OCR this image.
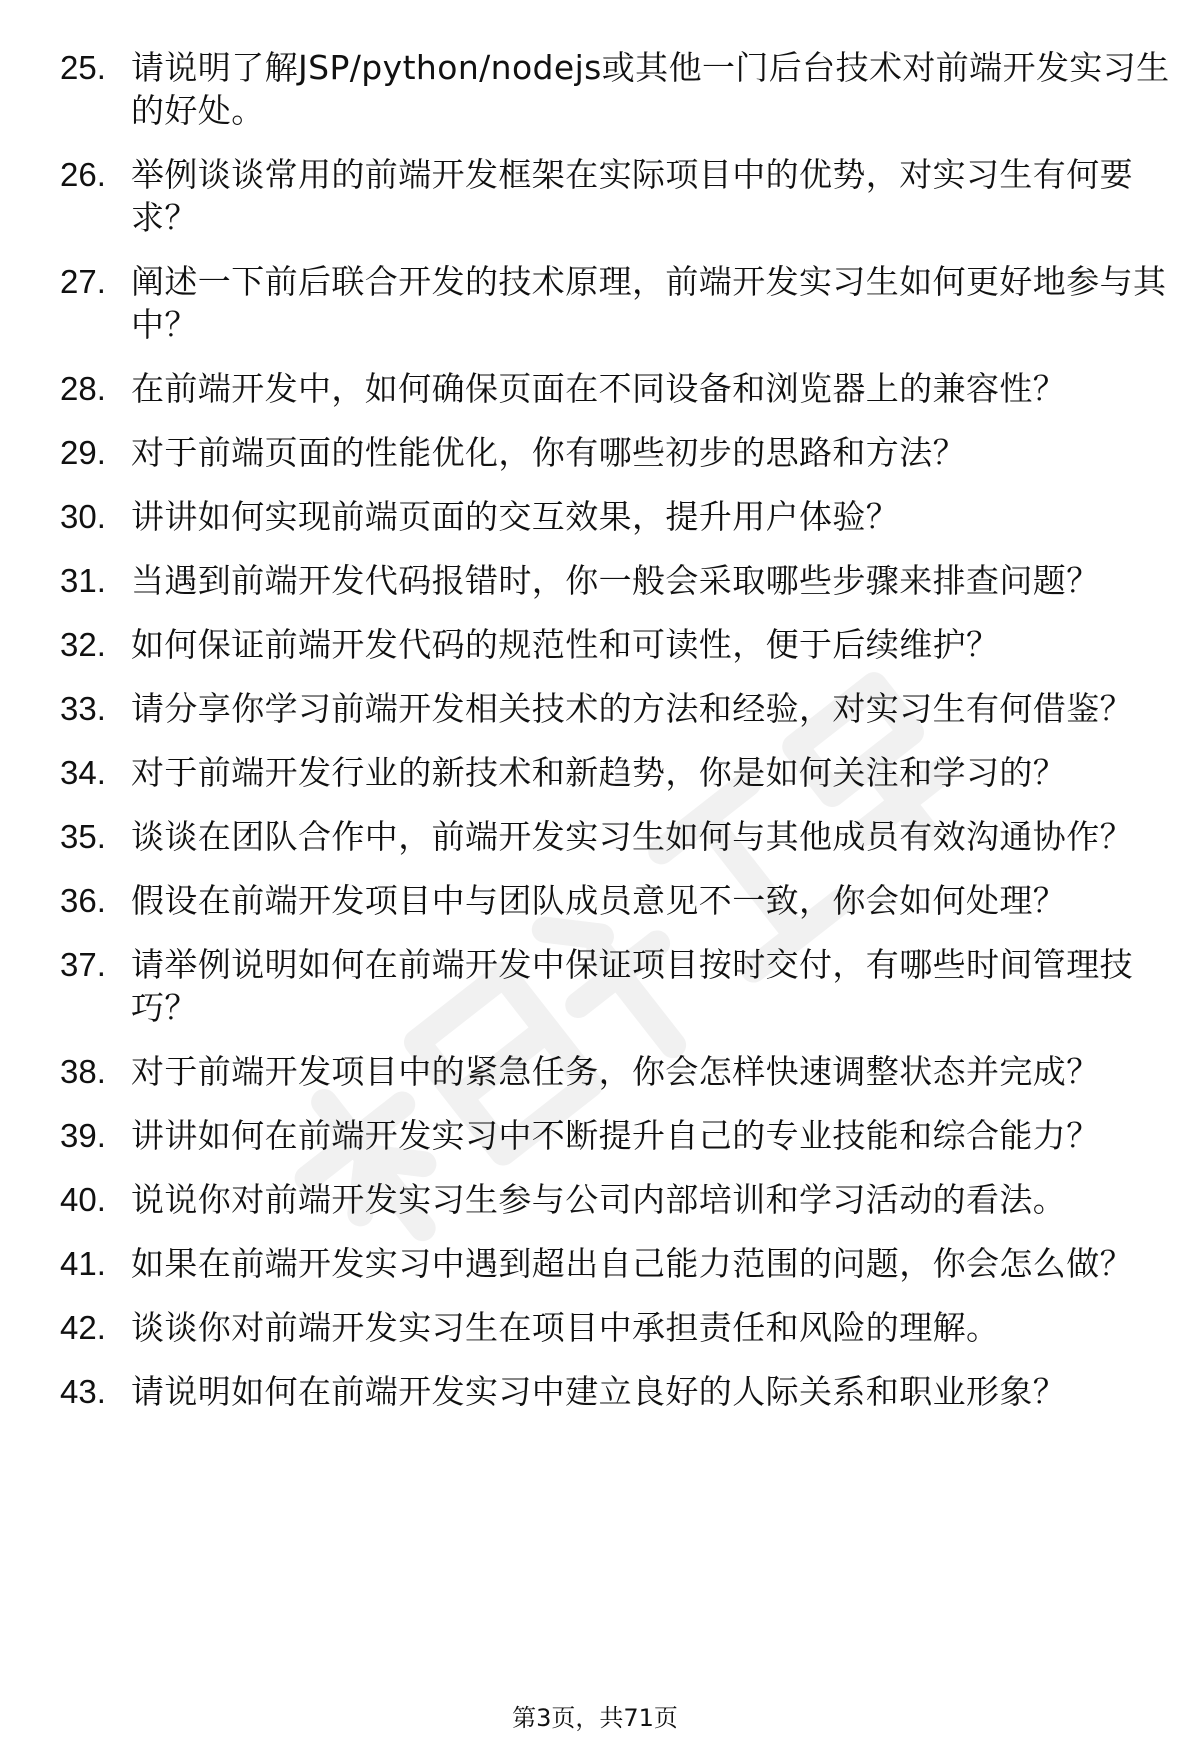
25. 请说明了解JSP/python/nodejs或其他一门后台技术对前端开发实习生的好处。
26. 举例谈谈常用的前端开发框架在实际项目中的优势，对实习生有何要求？
27. 阐述一下前后联合开发的技术原理，前端开发实习生如何更好地参与其中？
28. 在前端开发中，如何确保页面在不同设备和浏览器上的兼容性？
29. 对于前端页面的性能优化，你有哪些初步的思路和方法？
30. 讲讲如何实现前端页面的交互效果，提升用户体验？
31. 当遇到前端开发代码报错时，你一般会采取哪些步骤来排查问题？
32. 如何保证前端开发代码的规范性和可读性，便于后续维护？
33. 请分享你学习前端开发相关技术的方法和经验，对实习生有何借鉴？
34. 对于前端开发行业的新技术和新趋势，你是如何关注和学习的？
35. 谈谈在团队合作中，前端开发实习生如何与其他成员有效沟通协作？
36. 假设在前端开发项目中与团队成员意见不一致，你会如何处理？
37. 请举例说明如何在前端开发中保证项目按时交付，有哪些时间管理技巧？
38. 对于前端开发项目中的紧急任务，你会怎样快速调整状态并完成？
39. 讲讲如何在前端开发实习中不断提升自己的专业技能和综合能力？
40. 说说你对前端开发实习生参与公司内部培训和学习活动的看法。
41. 如果在前端开发实习中遇到超出自己能力范围的问题，你会怎么做？
42. 谈谈你对前端开发实习生在项目中承担责任和风险的理解。
43. 请说明如何在前端开发实习中建立良好的人际关系和职业形象？
第3页，共71页
